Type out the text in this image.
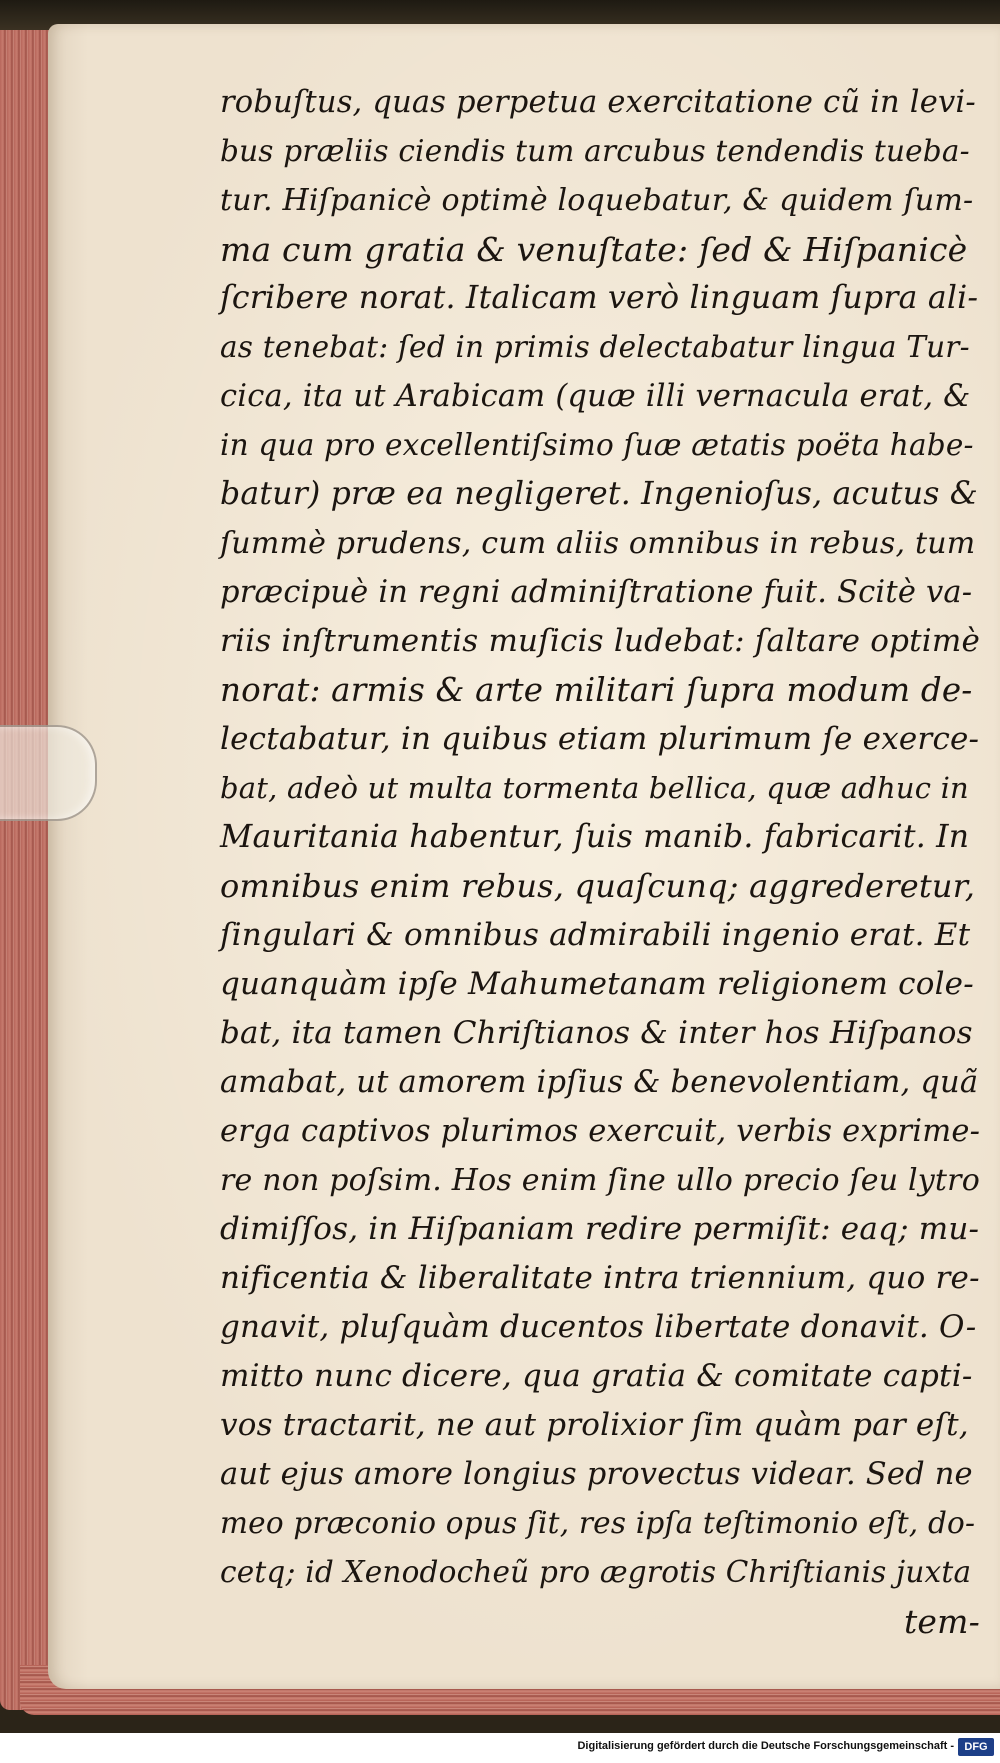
robuſtus, quas perpetua exercitatione cũ in levi-
bus præliis ciendis tum arcubus tendendis tueba-
tur. Hiſpanicè optimè loquebatur, & quidem ſum-
ma cum gratia & venuſtate: ſed & Hiſpanicè
ſcribere norat. Italicam verò linguam ſupra ali-
as tenebat: ſed in primis delectabatur lingua Tur-
cica, ita ut Arabicam (quæ illi vernacula erat, &
in qua pro excellentiſsimo ſuæ ætatis poëta habe-
batur) præ ea negligeret. Ingenioſus, acutus &
ſummè prudens, cum aliis omnibus in rebus, tum
præcipuè in regni adminiſtratione fuit. Scitè va-
riis inſtrumentis muſicis ludebat: ſaltare optimè
norat: armis & arte militari ſupra modum de-
lectabatur, in quibus etiam plurimum ſe exerce-
bat, adeò ut multa tormenta bellica, quæ adhuc in
Mauritania habentur, ſuis manib. fabricarit. In
omnibus enim rebus, quaſcunq; aggrederetur,
ſingulari & omnibus admirabili ingenio erat. Et
quanquàm ipſe Mahumetanam religionem cole-
bat, ita tamen Chriſtianos & inter hos Hiſpanos
amabat, ut amorem ipſius & benevolentiam, quã
erga captivos plurimos exercuit, verbis exprime-
re non poſsim. Hos enim ſine ullo precio ſeu lytro
dimiſſos, in Hiſpaniam redire permiſit: eaq; mu-
nificentia & liberalitate intra triennium, quo re-
gnavit, pluſquàm ducentos libertate donavit. O-
mitto nunc dicere, qua gratia & comitate capti-
vos tractarit, ne aut prolixior ſim quàm par eſt,
aut ejus amore longius provectus videar. Sed ne
meo præconio opus ſit, res ipſa teſtimonio eſt, do-
cetq; id Xenodocheũ pro ægrotis Chriſtianis juxta
tem-
Digitalisierung gefördert durch die Deutsche Forschungsgemeinschaft - DFG
